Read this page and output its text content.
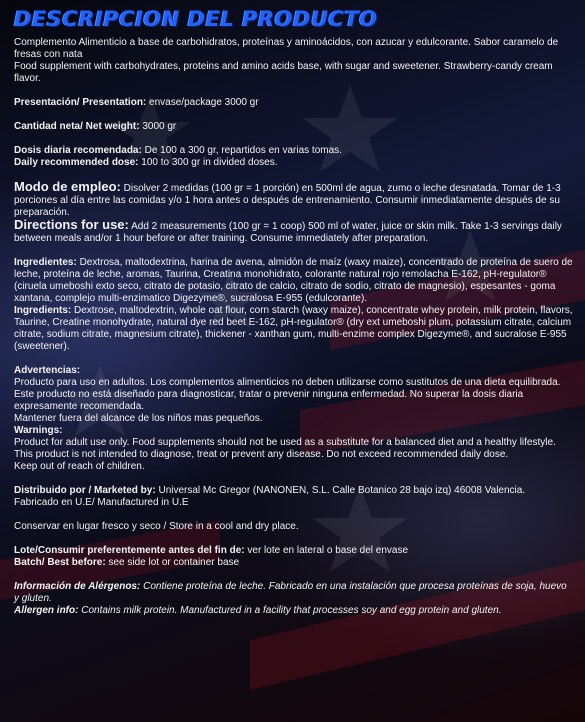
DESCRIPCION DEL PRODUCTO

Complemento Alimenticio a base de carbohidratos, proteínas y aminoácidos, con azucar y edulcorante. Sabor caramelo de fresas con nata

Food supplement with carbohydrates, proteins and amino acids base, with sugar and sweetener. Strawberry-candy cream flavor.

Presentación/ Presentation: envase/package 3000 gr

Cantidad neta/ Net weight: 3000 gr

Dosis diaria recomendada: De 100 a 300 gr, repartidos en varias tomas.

Daily recommended dose: 100 to 300 gr in divided doses.

Modo de empleo: Disolver 2 medidas (100 gr = 1 porción) en 500ml de agua, zumo o leche desnatada. Tomar de 1-3 porciones al día entre las comidas y/o 1 hora antes o después de entrenamiento. Consumir inmediatamente después de su preparación.

Directions for use: Add 2 measurements (100 gr = 1 coop) 500 ml of water, juice or skin milk. Take 1-3 servings daily between meals and/or 1 hour before or after training. Consume immediately after preparation.

Ingredientes: Dextrosa, maltodextrina, harina de avena, almidón de maíz (waxy maize), concentrado de proteína de suero de leche, proteína de leche, aromas, Taurina, Creatina monohidrato, colorante natural rojo remolacha E-162, pH-regulator® (ciruela umeboshi exto seco, citrato de potasio, citrato de calcio, citrato de sodio, citrato de magnesio), espesantes - goma xantana, complejo multi-enzimatico Digezyme®, sucralosa E-955 (edulcorante).

Ingredients: Dextrose, maltodextrin, whole oat flour, corn starch (waxy maize), concentrate whey protein, milk protein, flavors, Taurine, Creatine monohydrate, natural dye red beet E-162, pH-regulator® (dry ext umeboshi plum, potassium citrate, calcium citrate, sodium citrate, magnesium citrate), thickener - xanthan gum, multi-enzime complex Digezyme®, and sucralose E-955 (sweetener).

Advertencias:

Producto para uso en adultos. Los complementos alimenticios no deben utilizarse como sustitutos de una dieta equilibrada. Este producto no está diseñado para diagnosticar, tratar o prevenir ninguna enfermedad. No superar la dosis diaria expresamente recomendada.

Mantener fuera del alcance de los niños mas pequeños.

Warnings:

Product for adult use only. Food supplements should not be used as a substitute for a balanced diet and a healthy lifestyle. This product is not intended to diagnose, treat or prevent any disease. Do not exceed recommended daily dose.

Keep out of reach of children.

Distribuido por / Marketed by: Universal Mc Gregor (NANONEN, S.L. Calle Botanico 28 bajo izq) 46008 Valencia.

Fabricado en U.E/ Manufactured in U.E

Conservar en lugar fresco y seco / Store in a cool and dry place.

Lote/Consumir preferentemente antes del fin de: ver lote en lateral o base del envase

Batch/ Best before: see side lot or container base

Información de Alérgenos: Contiene proteína de leche. Fabricado en una instalación que procesa proteínas de soja, huevo y gluten.

Allergen info: Contains milk protein. Manufactured in a facility that processes soy and egg protein and gluten.
